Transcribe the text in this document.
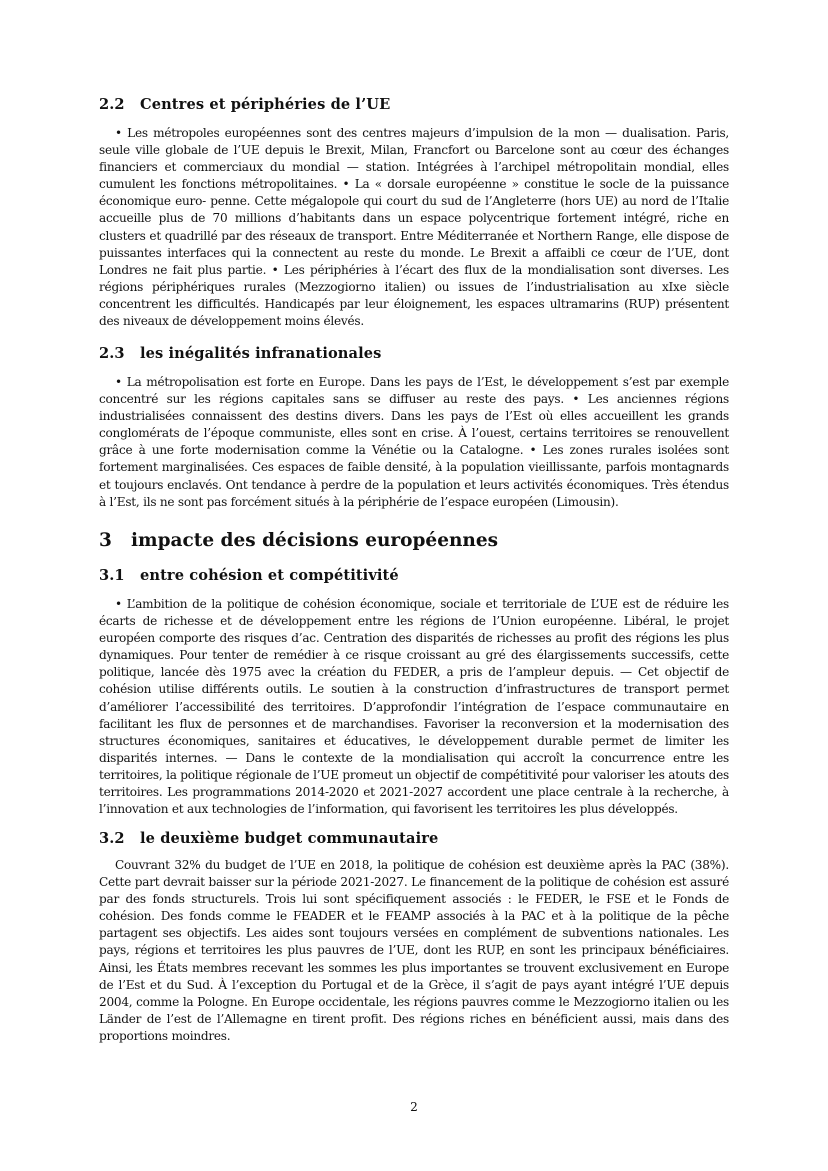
2.2 Centres et périphéries de l’UE

• Les métropoles européennes sont des centres majeurs d’impulsion de la mon — dualisation. Paris, seule ville globale de l’UE depuis le Brexit, Milan, Francfort ou Barcelone sont au cœur des échanges financiers et commerciaux du mondial — station. Intégrées à l’archipel métropolitain mondial, elles cumulent les fonctions métropolitaines. • La « dorsale européenne » constitue le socle de la puissance économique euro- penne. Cette mégalopole qui court du sud de l’Angleterre (hors UE) au nord de l’Italie accueille plus de 70 millions d’habitants dans un espace polycentrique fortement intégré, riche en clusters et quadrillé par des réseaux de transport. Entre Méditerranée et Northern Range, elle dispose de puissantes interfaces qui la connectent au reste du monde. Le Brexit a affaibli ce cœur de l’UE, dont Londres ne fait plus partie. • Les périphéries à l’écart des flux de la mondialisation sont diverses. Les régions périphériques rurales (Mezzogiorno italien) ou issues de l’industrialisation au xIxe siècle concentrent les difficultés. Handicapés par leur éloignement, les espaces ultramarins (RUP) présentent des niveaux de développement moins élevés.

2.3 les inégalités infranationales

• La métropolisation est forte en Europe. Dans les pays de l’Est, le développement s’est par exemple concentré sur les régions capitales sans se diffuser au reste des pays. • Les anciennes régions industrialisées connaissent des destins divers. Dans les pays de l’Est où elles accueillent les grands conglomérats de l’époque communiste, elles sont en crise. À l’ouest, certains territoires se renouvellent grâce à une forte modernisation comme la Vénétie ou la Catalogne. • Les zones rurales isolées sont fortement marginalisées. Ces espaces de faible densité, à la population vieillissante, parfois montagnards et toujours enclavés. Ont tendance à perdre de la population et leurs activités économiques. Très étendus à l’Est, ils ne sont pas forcément situés à la périphérie de l’espace européen (Limousin).

3 impacte des décisions européennes
3.1 entre cohésion et compétitivité

• L’ambition de la politique de cohésion économique, sociale et territoriale de L’UE est de réduire les écarts de richesse et de développement entre les régions de l’Union européenne. Libéral, le projet européen comporte des risques d’ac. Centration des disparités de richesses au profit des régions les plus dynamiques. Pour tenter de remédier à ce risque croissant au gré des élargissements successifs, cette politique, lancée dès 1975 avec la création du FEDER, a pris de l’ampleur depuis. — Cet objectif de cohésion utilise différents outils. Le soutien à la construction d’infrastructures de transport permet d’améliorer l’accessibilité des territoires. D’approfondir l’intégration de l’espace communautaire en facilitant les flux de personnes et de marchandises. Favoriser la reconversion et la modernisation des structures économiques, sanitaires et éducatives, le développement durable permet de limiter les disparités internes. — Dans le contexte de la mondialisation qui accroît la concurrence entre les territoires, la politique régionale de l’UE promeut un objectif de compétitivité pour valoriser les atouts des territoires. Les programmations 2014-2020 et 2021-2027 accordent une place centrale à la recherche, à l’innovation et aux technologies de l’information, qui favorisent les territoires les plus développés.

3.2 le deuxième budget communautaire

Couvrant 32% du budget de l’UE en 2018, la politique de cohésion est deuxième après la PAC (38%). Cette part devrait baisser sur la période 2021-2027. Le financement de la politique de cohésion est assuré par des fonds structurels. Trois lui sont spécifiquement associés : le FEDER, le FSE et le Fonds de cohésion. Des fonds comme le FEADER et le FEAMP associés à la PAC et à la politique de la pêche partagent ses objectifs. Les aides sont toujours versées en complément de subventions nationales. Les pays, régions et territoires les plus pauvres de l’UE, dont les RUP, en sont les principaux bénéficiaires. Ainsi, les États membres recevant les sommes les plus importantes se trouvent exclusivement en Europe de l’Est et du Sud. À l’exception du Portugal et de la Grèce, il s’agit de pays ayant intégré l’UE depuis 2004, comme la Pologne. En Europe occidentale, les régions pauvres comme le Mezzogiorno italien ou les Länder de l’est de l’Allemagne en tirent profit. Des régions riches en bénéficient aussi, mais dans des proportions moindres.

2
